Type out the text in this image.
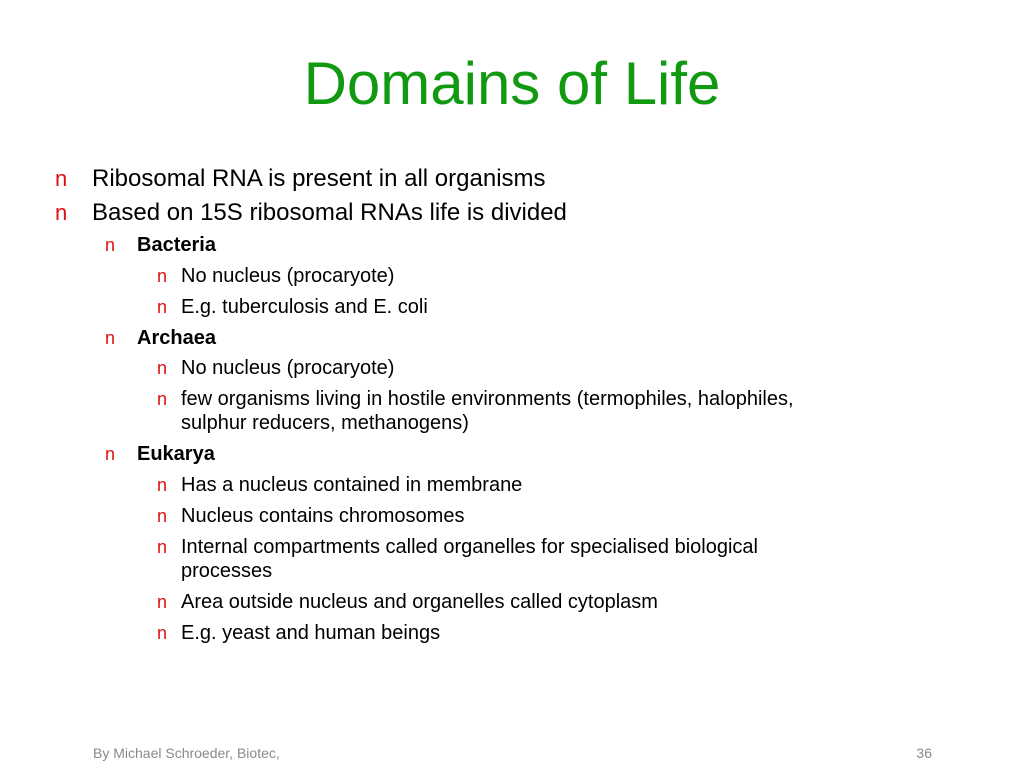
Domains of Life
n Ribosomal RNA is present in all organisms
n Based on 15S ribosomal RNAs life is divided
n Bacteria
n No nucleus (procaryote)
n E.g. tuberculosis and E. coli
n Archaea
n No nucleus (procaryote)
n few organisms living in hostile environments (termophiles, halophiles,
sulphur reducers, methanogens)
n Eukarya
n Has a nucleus contained in membrane
n Nucleus contains chromosomes
n Internal compartments called organelles for specialised biological
processes
n Area outside nucleus and organelles called cytoplasm
n E.g. yeast and human beings
By Michael Schroeder, Biotec,	36
